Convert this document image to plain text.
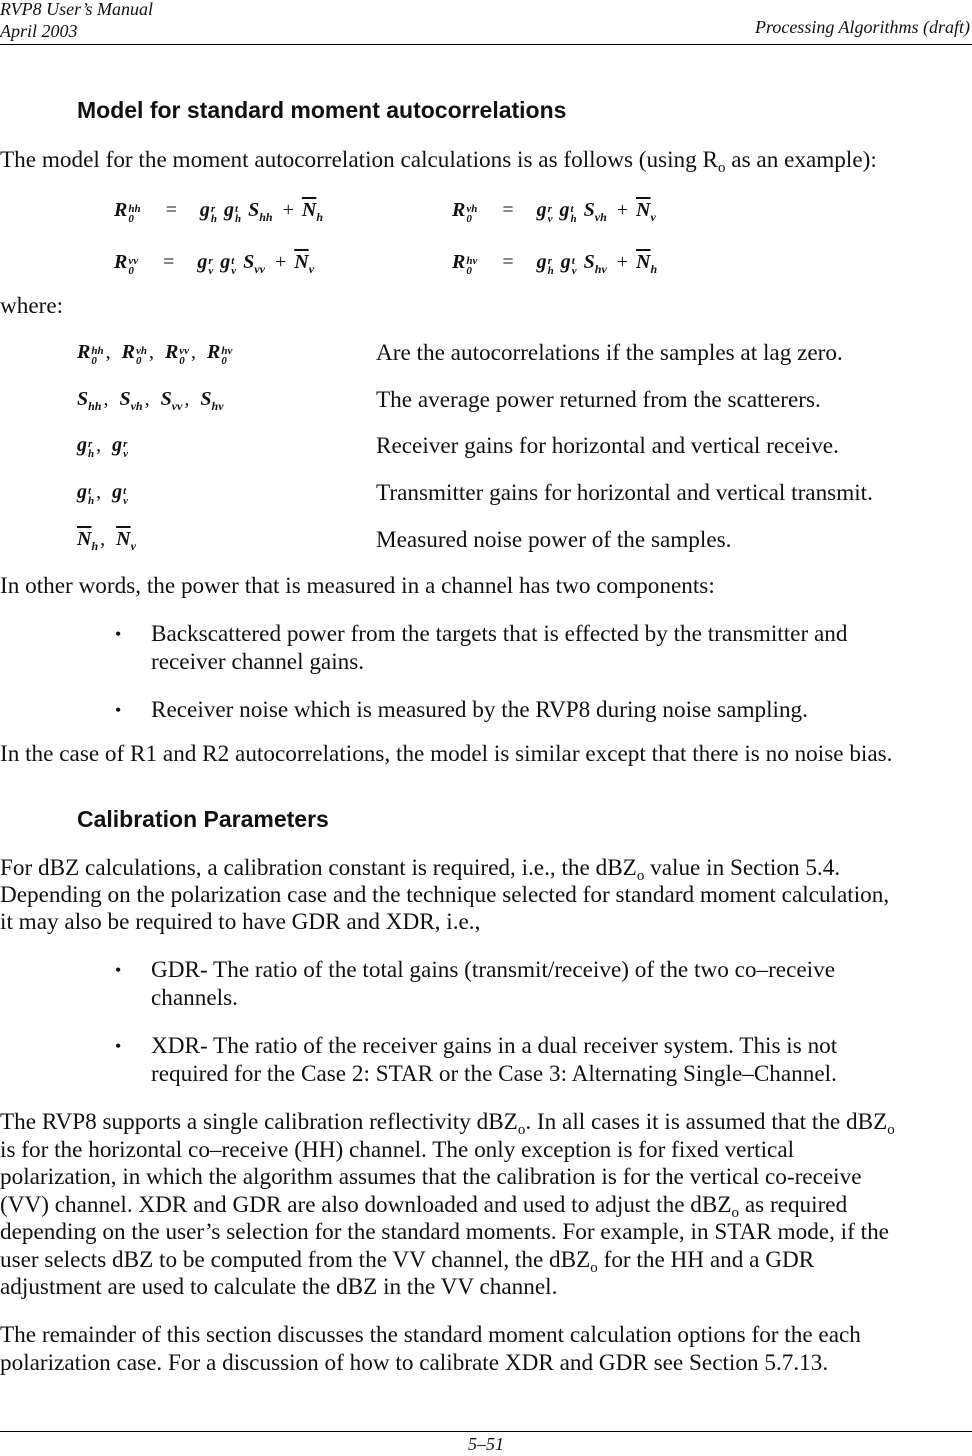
RVP8 User’s Manual
April 2003	Processing Algorithms (draft)
Model for standard moment autocorrelations
The model for the moment autocorrelation calculations is as follows (using $R_o$ as an example):
R hh
0	= g r
h g t
h $S_{hh} + \overline{N}_h$	R vh
0 = g r
v g t
h $S_{vh} + \overline{N}_v$
R vv
0 = g r
v g t
v $S_{vv} + \overline{N}_v$	R hv
0 = g r
h g t
v $S_{hv} + \overline{N}_h$
where:
R hh
0 , R vh
0 , R vv
0 , R hv
0	Are the autocorrelations if the samples at lag zero.
$S_{hh}$ , $S_{vh}$ , $S_{vv}$ , $S_{hv}$	The average power returned from the scatterers.
g r
h , g r
v	Receiver gains for horizontal and vertical receive.
g t
h , g t
v	Transmitter gains for horizontal and vertical transmit.
$\overline{N}_h$ , $\overline{N}_v$	Measured noise power of the samples.
In other words, the power that is measured in a channel has two components:
• Backscattered power from the targets that is effected by the transmitter and
receiver channel gains.
• Receiver noise which is measured by the RVP8 during noise sampling.
In the case of R1 and R2 autocorrelations, the model is similar except that there is no noise bias.
Calibration Parameters
For dBZ calculations, a calibration constant is required, i.e., the dBZ$_o$ value in Section 5.4.
Depending on the polarization case and the technique selected for standard moment calculation,
it may also be required to have GDR and XDR, i.e.,
• GDR- The ratio of the total gains (transmit/receive) of the two co–receive
channels.
• XDR- The ratio of the receiver gains in a dual receiver system. This is not
required for the Case 2: STAR or the Case 3: Alternating Single–Channel.
The RVP8 supports a single calibration reflectivity dBZ$_o$. In all cases it is assumed that the dBZ$_o$
is for the horizontal co–receive (HH) channel. The only exception is for fixed vertical
polarization, in which the algorithm assumes that the calibration is for the vertical co-receive
(VV) channel. XDR and GDR are also downloaded and used to adjust the dBZ$_o$ as required
depending on the user’s selection for the standard moments. For example, in STAR mode, if the
user selects dBZ to be computed from the VV channel, the dBZ$_o$ for the HH and a GDR
adjustment are used to calculate the dBZ in the VV channel.
The remainder of this section discusses the standard moment calculation options for the each
polarization case. For a discussion of how to calibrate XDR and GDR see Section 5.7.13.
5–51
